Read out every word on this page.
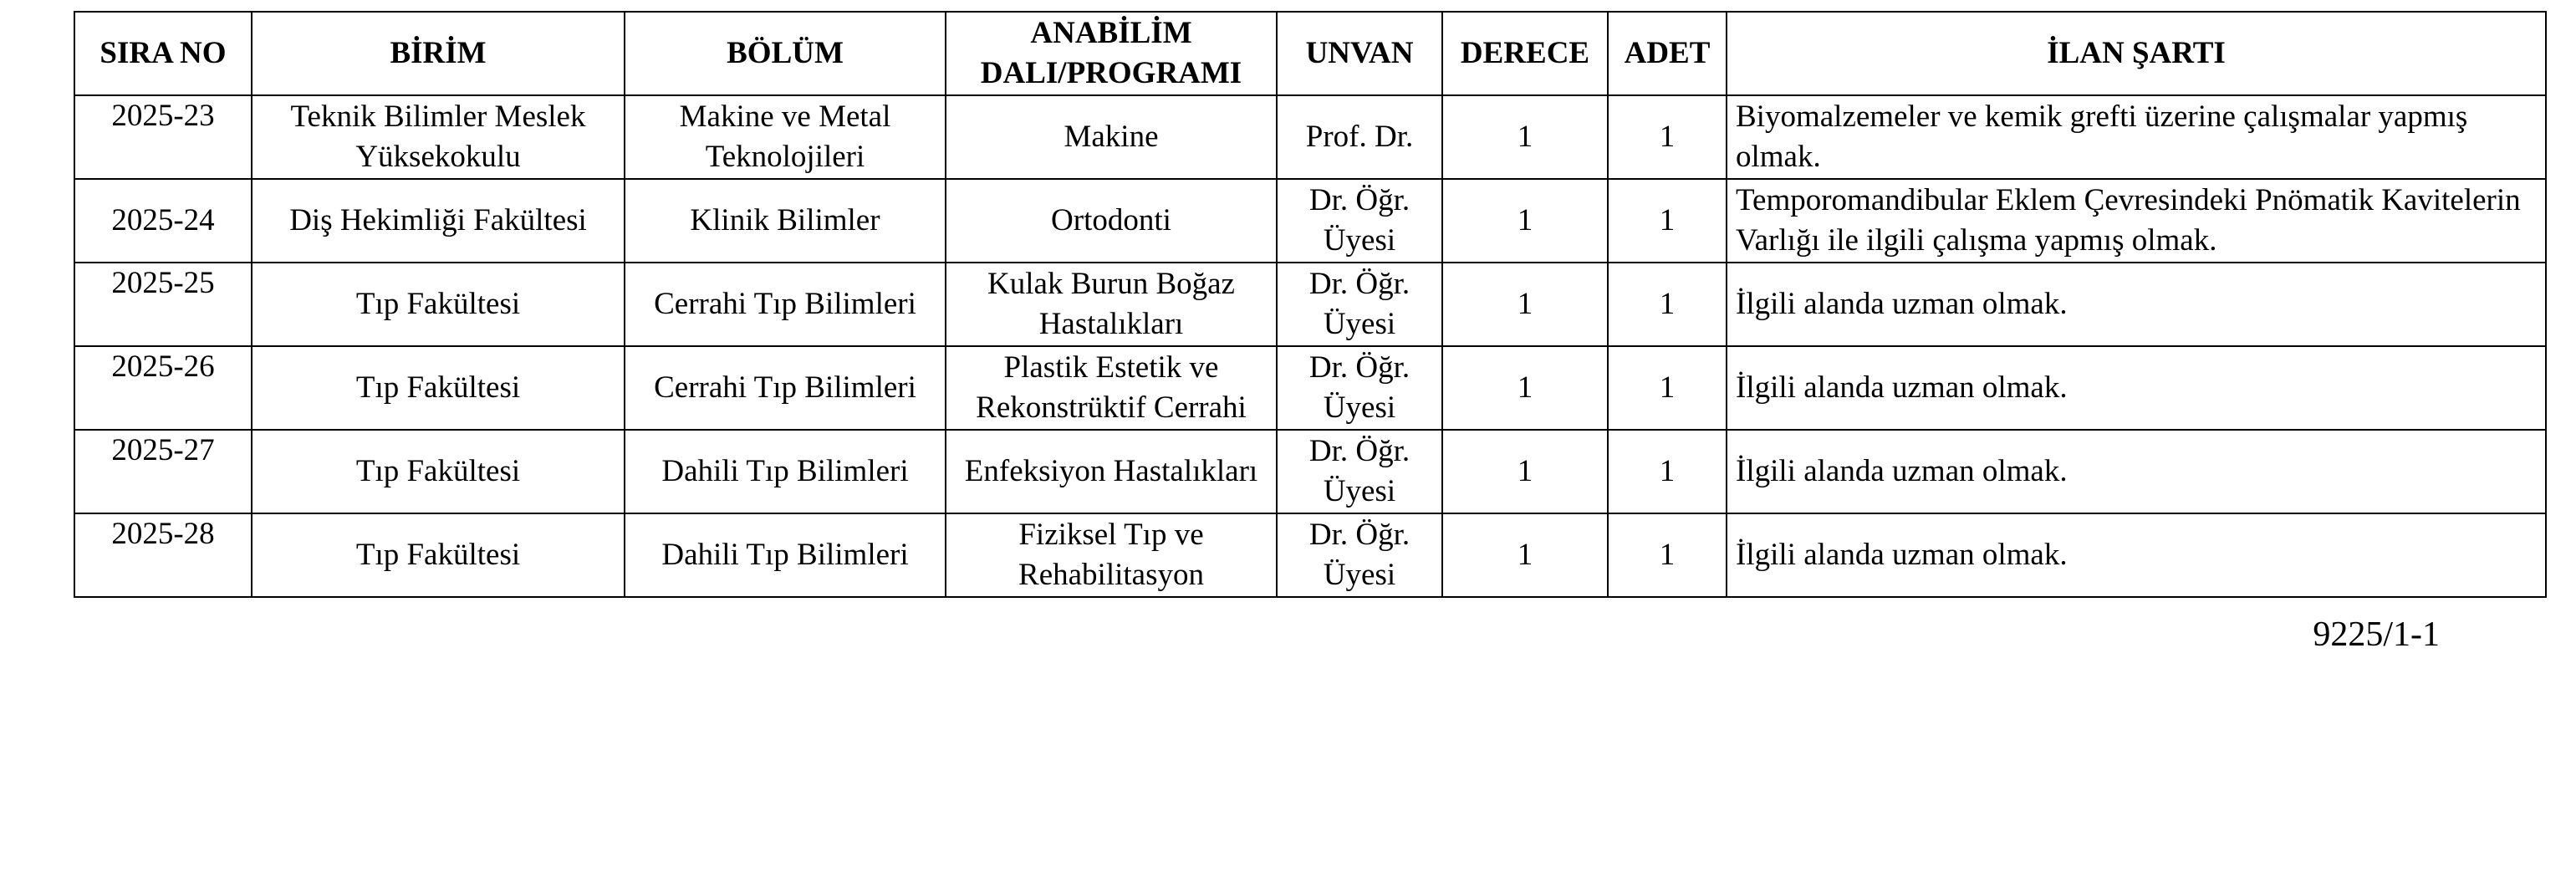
SIRA NO	BİRİM	BÖLÜM	ANABİLİM DALI/PROGRAMI	UNVAN	DERECE	ADET	İLAN ŞARTI
2025-23	Teknik Bilimler Meslek Yüksekokulu	Makine ve Metal Teknolojileri	Makine	Prof. Dr.	1	1	Biyomalzemeler ve kemik grefti üzerine çalışmalar yapmış olmak.
2025-24	Diş Hekimliği Fakültesi	Klinik Bilimler	Ortodonti	Dr. Öğr. Üyesi	1	1	Temporomandibular Eklem Çevresindeki Pnömatik Kavitelerin Varlığı ile ilgili çalışma yapmış olmak.
2025-25	Tıp Fakültesi	Cerrahi Tıp Bilimleri	Kulak Burun Boğaz Hastalıkları	Dr. Öğr. Üyesi	1	1	İlgili alanda uzman olmak.
2025-26	Tıp Fakültesi	Cerrahi Tıp Bilimleri	Plastik Estetik ve Rekonstrüktif Cerrahi	Dr. Öğr. Üyesi	1	1	İlgili alanda uzman olmak.
2025-27	Tıp Fakültesi	Dahili Tıp Bilimleri	Enfeksiyon Hastalıkları	Dr. Öğr. Üyesi	1	1	İlgili alanda uzman olmak.
2025-28	Tıp Fakültesi	Dahili Tıp Bilimleri	Fiziksel Tıp ve Rehabilitasyon	Dr. Öğr. Üyesi	1	1	İlgili alanda uzman olmak.
9225/1-1
